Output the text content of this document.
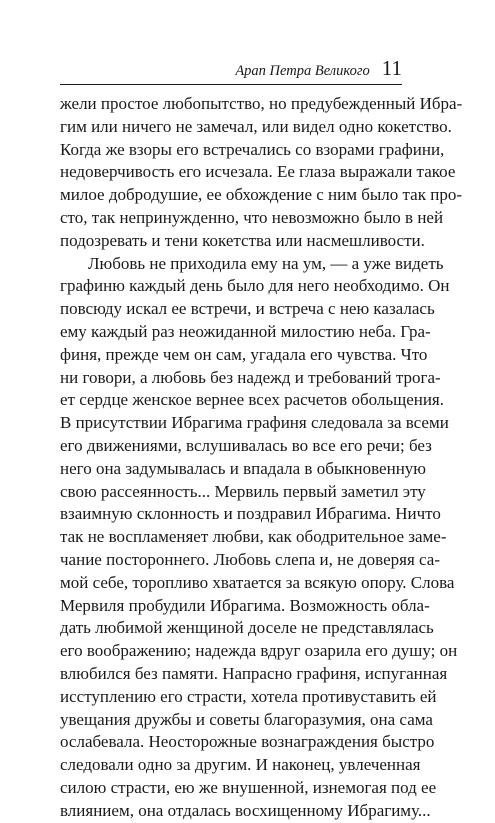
Арап Петра Великого 11
жели простое любопытство, но предубежденный Ибра-
гим или ничего не замечал, или видел одно кокетство.
Когда же взоры его встречались со взорами графини,
недоверчивость его исчезала. Ее глаза выражали такое
милое добродушие, ее обхождение с ним было так про-
сто, так непринужденно, что невозможно было в ней
подозревать и тени кокетства или насмешливости.
Любовь не приходила ему на ум, — а уже видеть
графиню каждый день было для него необходимо. Он
повсюду искал ее встречи, и встреча с нею казалась
ему каждый раз неожиданной милостию неба. Гра-
финя, прежде чем он сам, угадала его чувства. Что
ни говори, а любовь без надежд и требований трога-
ет сердце женское вернее всех расчетов обольщения.
В присутствии Ибрагима графиня следовала за всеми
его движениями, вслушивалась во все его речи; без
него она задумывалась и впадала в обыкновенную
свою рассеянность... Мервиль первый заметил эту
взаимную склонность и поздравил Ибрагима. Ничто
так не воспламеняет любви, как ободрительное заме-
чание постороннего. Любовь слепа и, не доверяя са-
мой себе, торопливо хватается за всякую опору. Слова
Мервиля пробудили Ибрагима. Возможность обла-
дать любимой женщиной доселе не представлялась
его воображению; надежда вдруг озарила его душу; он
влюбился без памяти. Напрасно графиня, испуганная
исступлению его страсти, хотела противуставить ей
увещания дружбы и советы благоразумия, она сама
ослабевала. Неосторожные вознаграждения быстро
следовали одно за другим. И наконец, увлеченная
силою страсти, ею же внушенной, изнемогая под ее
влиянием, она отдалась восхищенному Ибрагиму...
